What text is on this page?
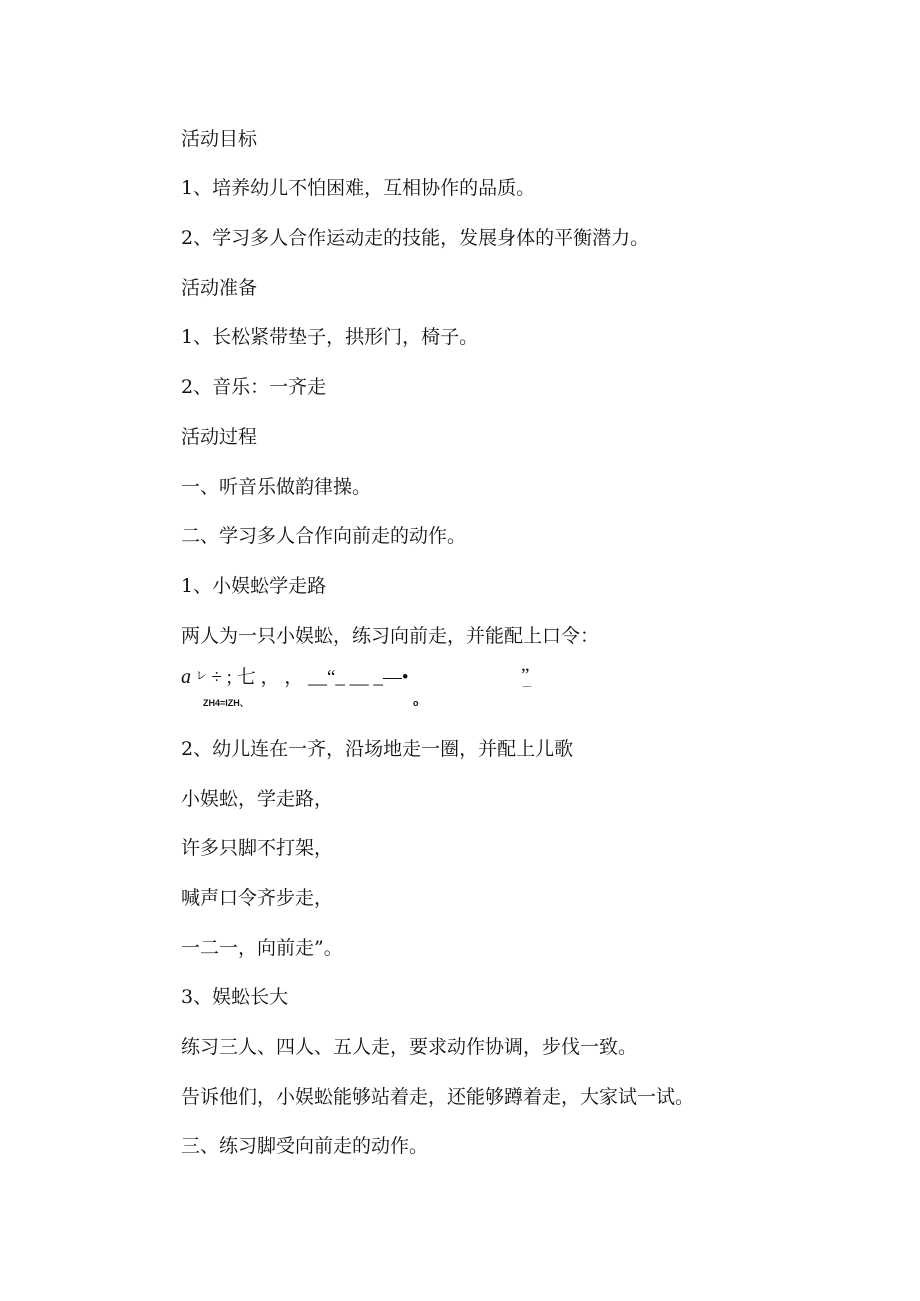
活动目标
1、培养幼儿不怕困难，互相协作的品质。
2、学习多人合作运动走的技能，发展身体的平衡潜力。
活动准备
1、长松紧带垫子，拱形门，椅子。
2、音乐：一齐走
活动过程
一、听音乐做韵律操。
二、学习多人合作向前走的动作。
1、小娱蚣学走路
两人为一只小娱蚣，练习向前走，并能配上口令：
a ㆑ ÷ ; 七 ， ， __“_ __ _—•
ZH4=IZH、
‾‾
o
”
2、幼儿连在一齐，沿场地走一圈，并配上儿歌
小娱蚣，学走路，
许多只脚不打架，
喊声口令齐步走，
一二一，向前走”。
3、娱蚣长大
练习三人、四人、五人走，要求动作协调，步伐一致。
告诉他们，小娱蚣能够站着走，还能够蹲着走，大家试一试。
三、练习脚受向前走的动作。
